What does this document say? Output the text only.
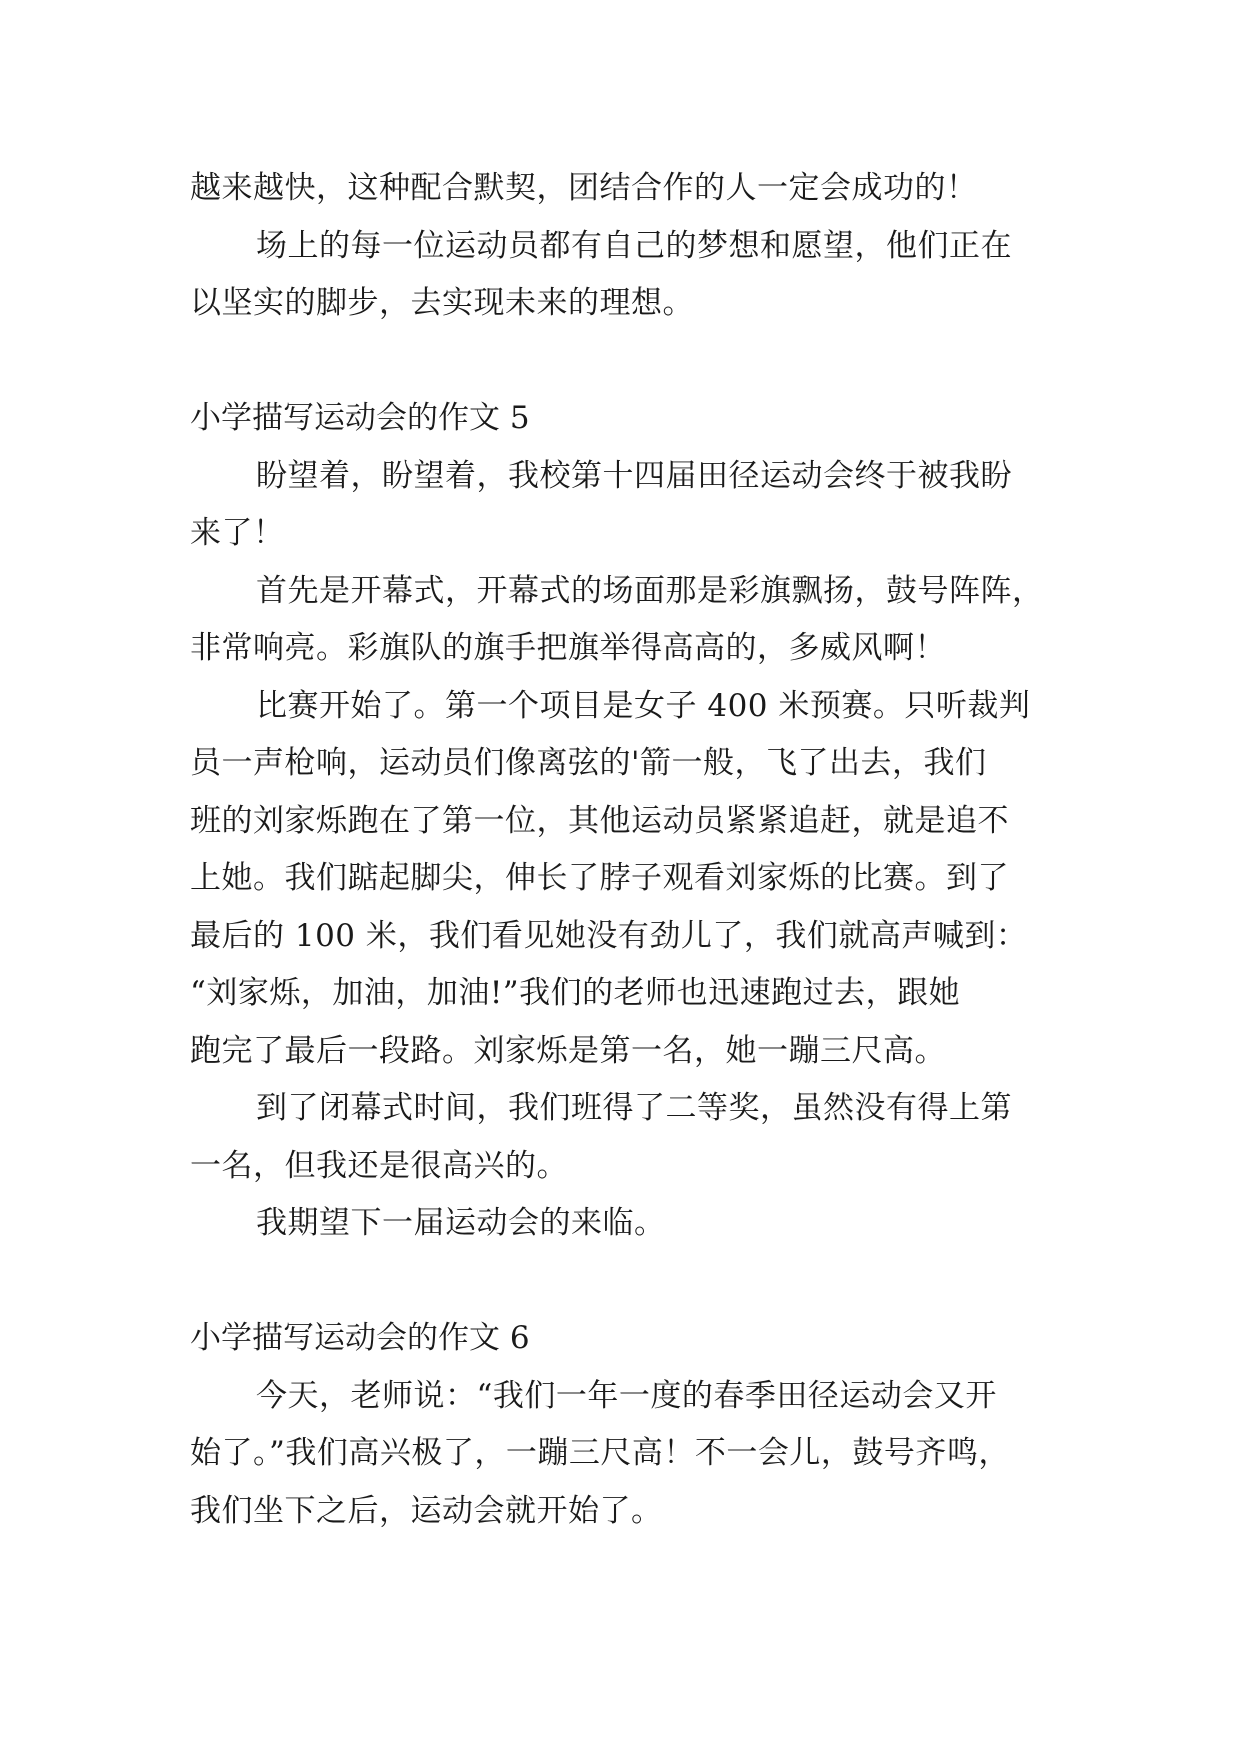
越来越快，这种配合默契，团结合作的人一定会成功的！
场上的每一位运动员都有自己的梦想和愿望，他们正在
以坚实的脚步，去实现未来的理想。
小学描写运动会的作文 5
盼望着，盼望着，我校第十四届田径运动会终于被我盼
来了！
首先是开幕式，开幕式的场面那是彩旗飘扬，鼓号阵阵，
非常响亮。彩旗队的旗手把旗举得高高的，多威风啊！
比赛开始了。第一个项目是女子 400 米预赛。只听裁判
员一声枪响，运动员们像离弦的'箭一般，飞了出去，我们
班的刘家烁跑在了第一位，其他运动员紧紧追赶，就是追不
上她。我们踮起脚尖，伸长了脖子观看刘家烁的比赛。到了
最后的 100 米，我们看见她没有劲儿了，我们就高声喊到：
“刘家烁，加油，加油!”我们的老师也迅速跑过去，跟她
跑完了最后一段路。刘家烁是第一名，她一蹦三尺高。
到了闭幕式时间，我们班得了二等奖，虽然没有得上第
一名，但我还是很高兴的。
我期望下一届运动会的来临。
小学描写运动会的作文 6
今天，老师说：“我们一年一度的春季田径运动会又开
始了。”我们高兴极了，一蹦三尺高！不一会儿，鼓号齐鸣，
我们坐下之后，运动会就开始了。
